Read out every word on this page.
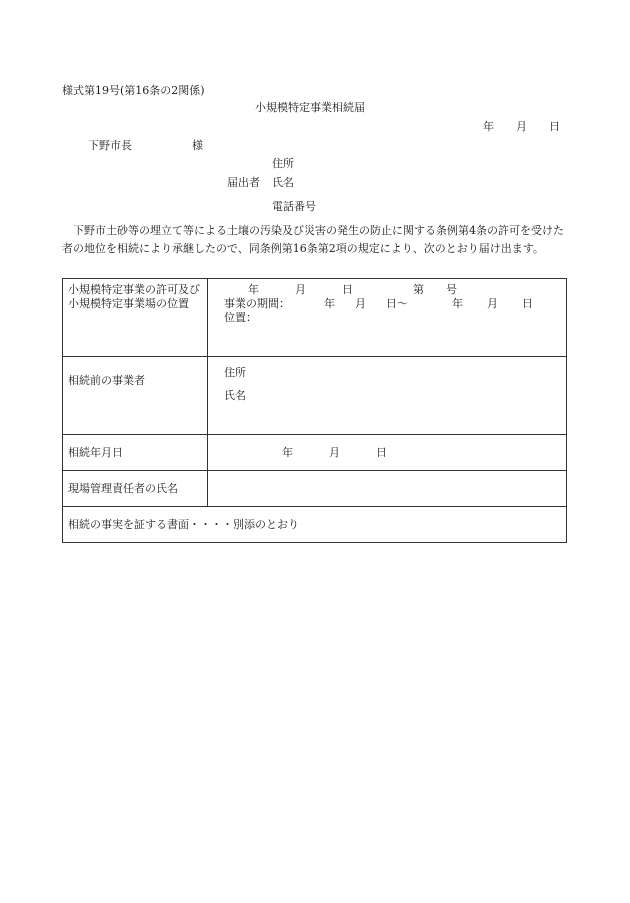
様式第19号(第16条の2関係)
小規模特定事業相続届
年 月 日
下野市長	様
住所
届出者 氏名
電話番号
下野市土砂等の埋立て等による土壌の汚染及び災害の発生の防止に関する条例第4条の許可を受けた者の地位を相続により承継したので、同条例第16条第2項の規定により、次のとおり届け出ます。
小規模特定事業の許可及び小規模特定事業場の位置	年 月 日 第 号
事業の期間： 年 月 日～ 年 月 日
位置：

相続前の事業者	住所
氏名

相続年月日	年 月 日
現場管理責任者の氏名	
相続の事実を証する書面・・・・別添のとおり	
